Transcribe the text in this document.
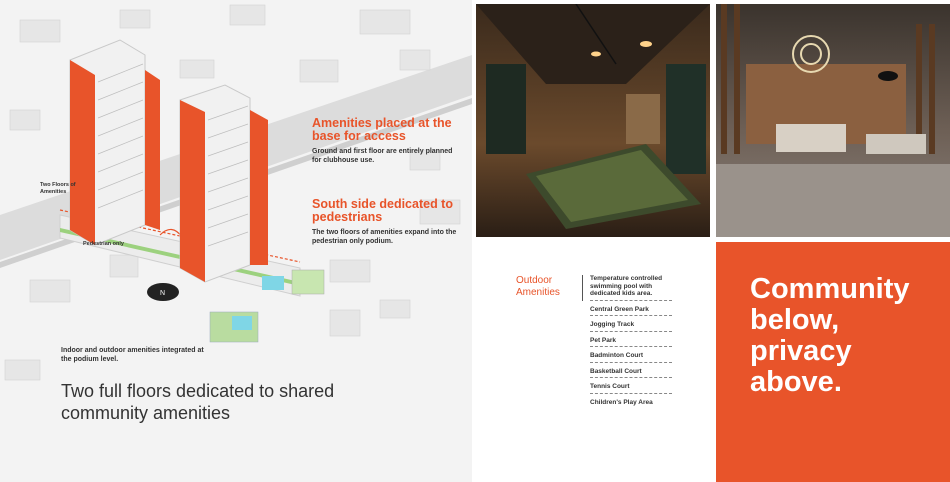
N
Amenities placed at the base for access
Ground and first floor are entirely planned for clubhouse use.
South side dedicated to pedestrians
The two floors of amenities expand into the pedestrian only podium.
Two Floors of Amenities
Pedestrian only
Indoor and outdoor amenities integrated at the podium level.
Two full floors dedicated to shared community amenities
Outdoor Amenities
Temperature controlled swimming pool with dedicated kids area.
Central Green Park
Jogging Track
Pet Park
Badminton Court
Basketball Court
Tennis Court
Children's Play Area
Community below, privacy above.
